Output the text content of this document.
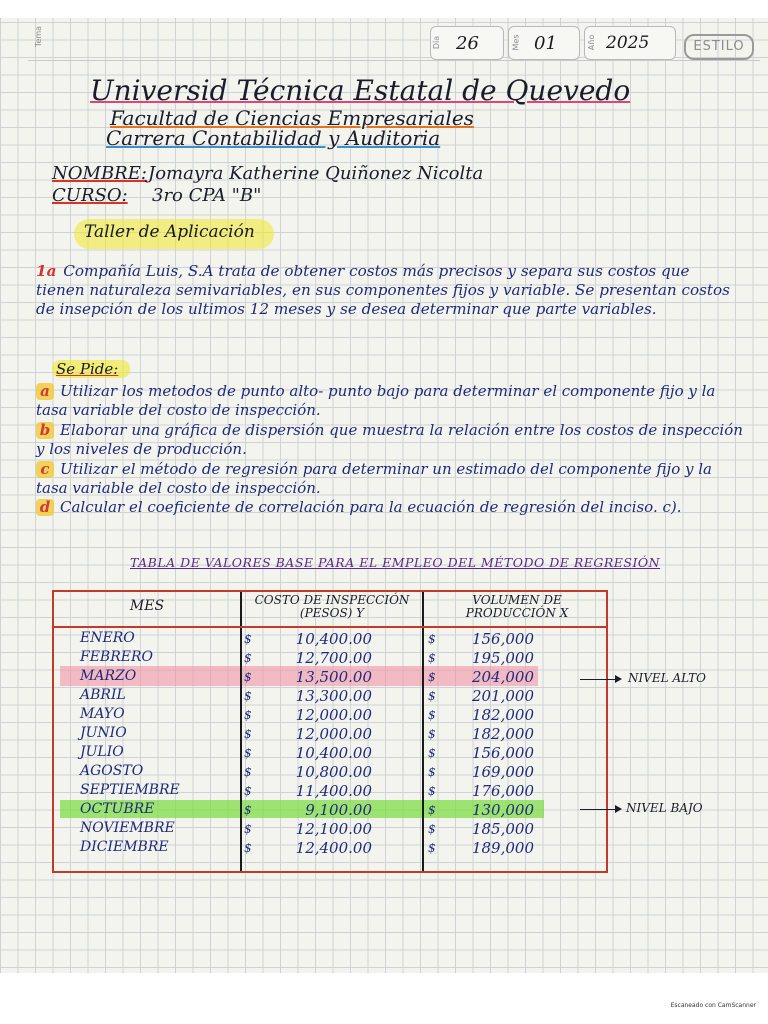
Tema	Día 26	Mes 01	Año 2025	ESTILO
Universid Técnica Estatal de Quevedo
Facultad de Ciencias Empresariales
Carrera Contabilidad y Auditoria
NOMBRE: Jomayra Katherine Quiñonez Nicolta
CURSO: 3ro CPA "B"
Taller de Aplicación
1a Compañía Luis, S.A trata de obtener costos más precisos y separa sus costos que tienen naturaleza semivariables, en sus componentes fijos y variable. Se presentan costos de insepción de los ultimos 12 meses y se desea determinar que parte variables.
Se Pide:
a Utilizar los metodos de punto alto- punto bajo para determinar el componente fijo y la tasa variable del costo de inspección.
b Elaborar una gráfica de dispersión que muestra la relación entre los costos de inspección y los niveles de producción.
c Utilizar el método de regresión para determinar un estimado del componente fijo y la tasa variable del costo de inspección.
d Calcular el coeficiente de correlación para la ecuación de regresión del inciso. c).
TABLA DE VALORES BASE PARA EL EMPLEO DEL MÉTODO DE REGRESIÓN
MES	COSTO DE INSPECCIÓN (PESOS) Y
VOLUMEN DE PRODUCCIÓN X
ENERO	$	10,400.00	$	156,000
FEBRERO	$	12,700.00	$	195,000
MARZO	$	13,500.00	$	204,000
ABRIL	$	13,300.00	$	201,000
MAYO	$	12,000.00	$	182,000
JUNIO	$	12,000.00	$	182,000
JULIO	$	10,400.00	$	156,000
AGOSTO	$	10,800.00	$	169,000
SEPTIEMBRE	$	11,400.00	$	176,000
OCTUBRE	$	9,100.00	$	130,000
NOVIEMBRE	$	12,100.00	$	185,000
DICIEMBRE	$	12,400.00	$	189,000
NIVEL ALTO
NIVEL BAJO
Escaneado con CamScanner
